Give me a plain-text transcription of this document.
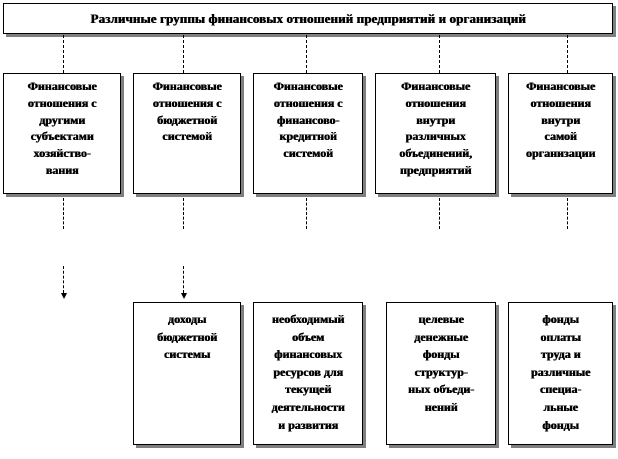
Различные группы финансовых отношений предприятий и организаций
Финансовые
отношения с
другими
субъектами
хозяйство-
вания
Финансовые
отношения с
бюджетной
системой
Финансовые
отношения с
финансово-
кредитной
системой
Финансовые
отношения
внутри
различных
объединений,
предприятий
Финансовые
отношения
внутри
самой
организации
доходы
бюджетной
системы
необходимый
объем
финансовых
ресурсов для
текущей
деятельности
и развития
целевые
денежные
фонды
структур-
ных объеди-
нений
фонды
оплаты
труда и
различные
специа-
льные
фонды
